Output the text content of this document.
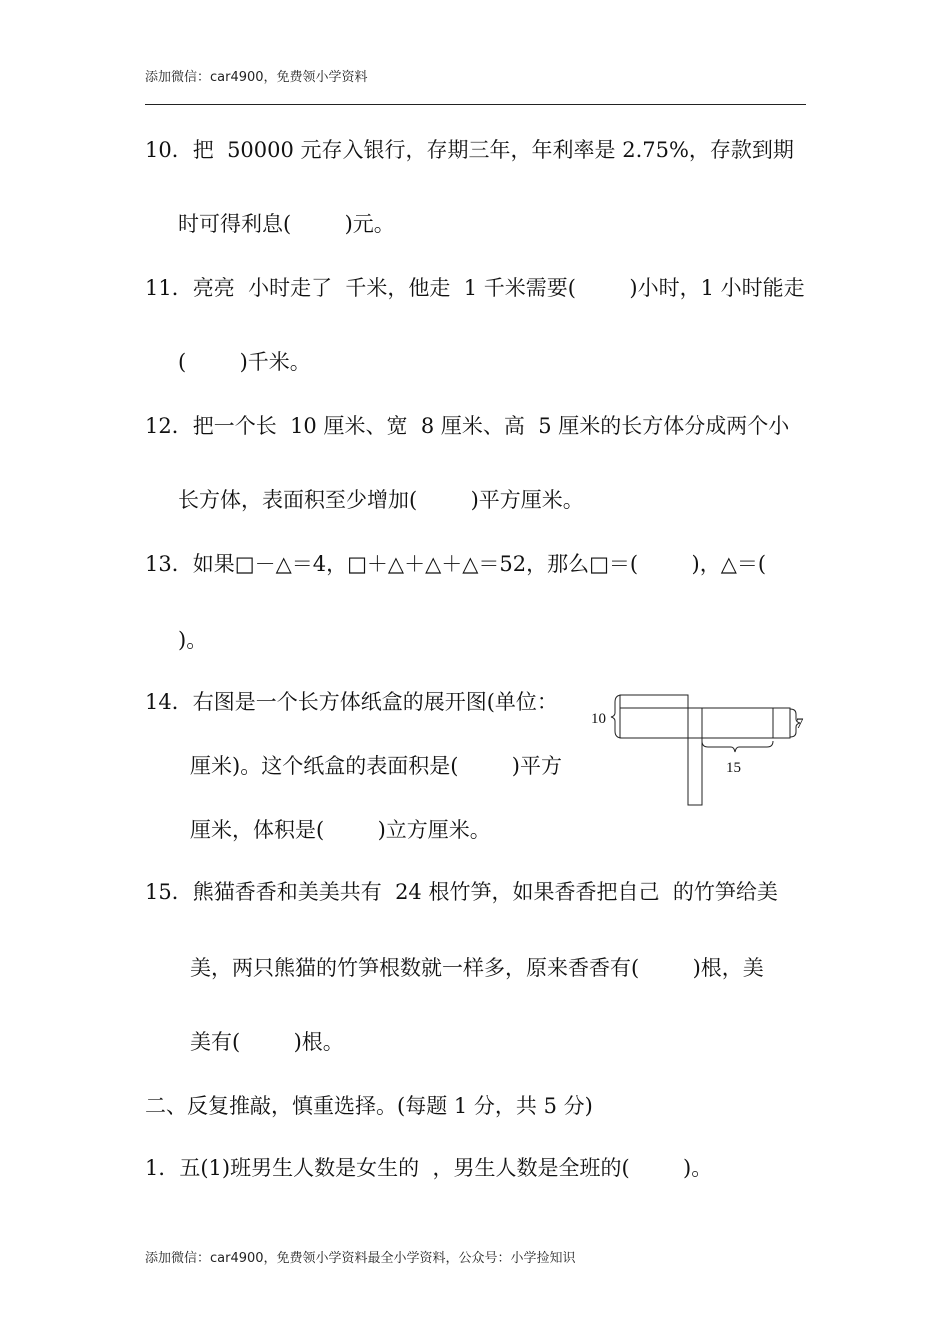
添加微信：car4900，免费领小学资料
10．把  50000 元存入银行，存期三年，年利率是 2.75%，存款到期
时可得利息(        )元。
11．亮亮  小时走了  千米，他走  1 千米需要(        )小时，1 小时能走
(        )千米。
12．把一个长  10 厘米、宽  8 厘米、高  5 厘米的长方体分成两个小
长方体，表面积至少增加(        )平方厘米。
13．如果□－△＝4，□＋△＋△＋△＝52，那么□＝(        )，△＝(
)。
14．右图是一个长方体纸盒的展开图(单位：
厘米)。这个纸盒的表面积是(        )平方
厘米，体积是(        )立方厘米。
10	7
15
15．熊猫香香和美美共有  24 根竹笋，如果香香把自己  的竹笋给美
美，两只熊猫的竹笋根数就一样多，原来香香有(        )根，美
美有(        )根。
二、反复推敲，慎重选择。(每题 1 分，共 5 分)
1．五(1)班男生人数是女生的  ，男生人数是全班的(        )。
添加微信：car4900，免费领小学资料最全小学资料，公众号：小学捡知识
